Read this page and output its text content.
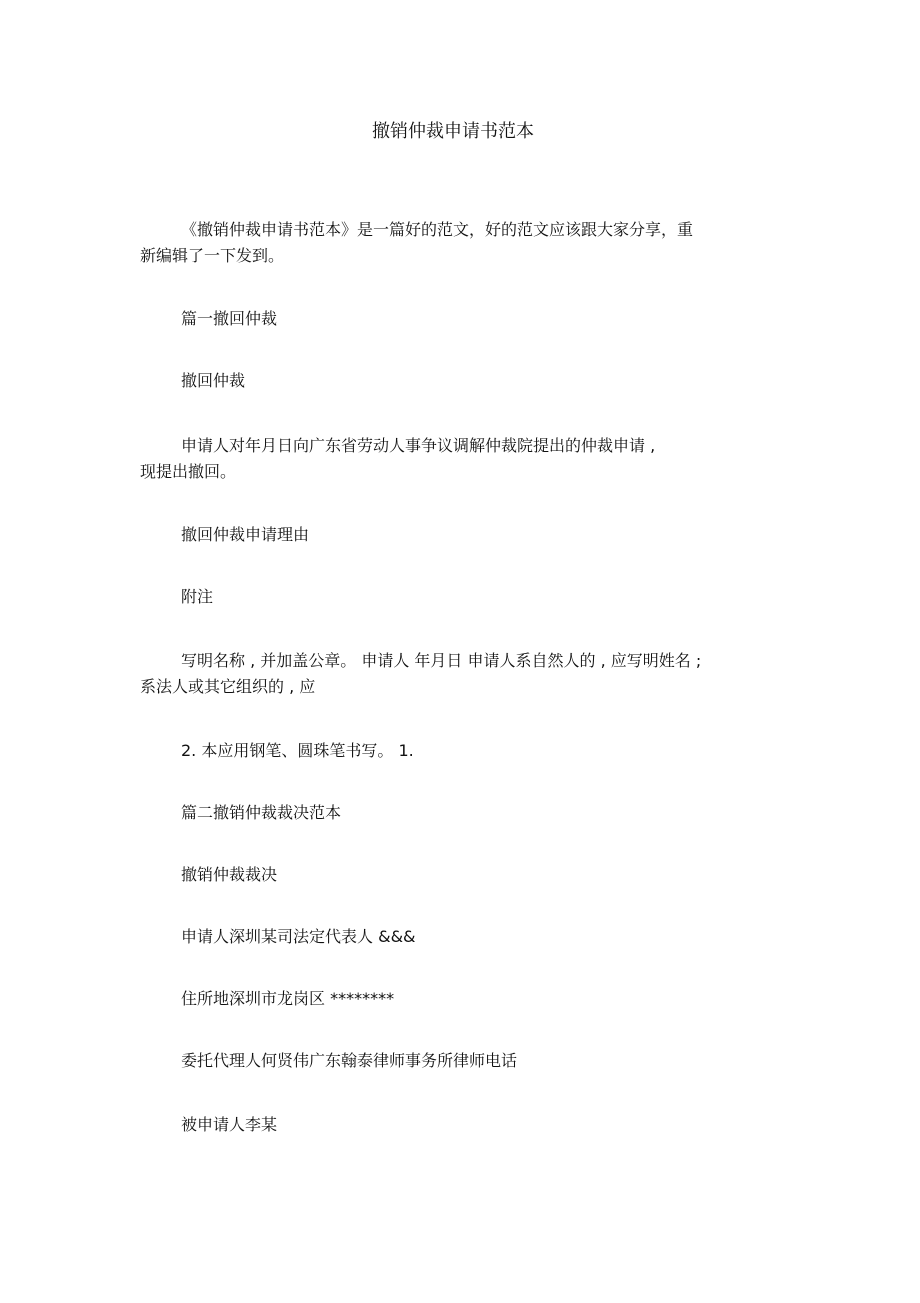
撤销仲裁申请书范本

《撤销仲裁申请书范本》是一篇好的范文，好的范文应该跟大家分享，重
新编辑了一下发到。

篇一撤回仲裁

撤回仲裁

申请人对年月日向广东省劳动人事争议调解仲裁院提出的仲裁申请 ,
现提出撤回。

撤回仲裁申请理由

附注

写明名称 , 并加盖公章。 申请人 年月日 申请人系自然人的 , 应写明姓名 ;
系法人或其它组织的 , 应

2. 本应用钢笔、圆珠笔书写。 1.

篇二撤销仲裁裁决范本

撤销仲裁裁决

申请人深圳某司法定代表人 &&&

住所地深圳市龙岗区 ********

委托代理人何贤伟广东翰泰律师事务所律师电话

被申请人李某
